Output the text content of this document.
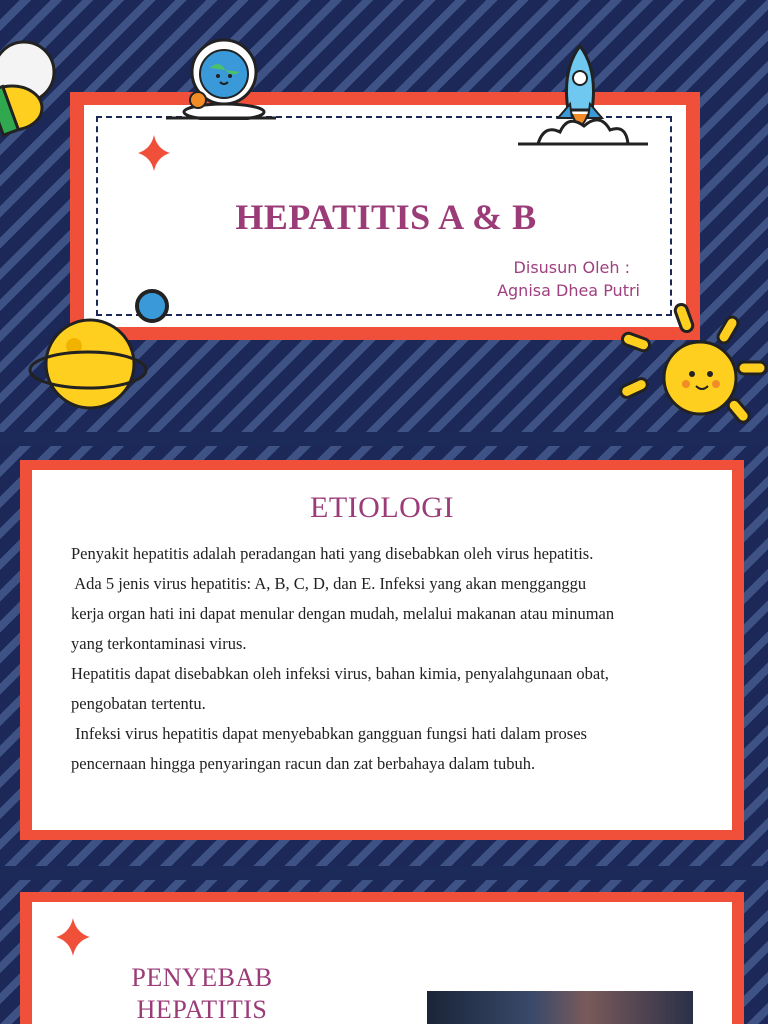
HEPATITIS A & B
Disusun Oleh :
Agnisa Dhea Putri
ETIOLOGI

Penyakit hepatitis adalah peradangan hati yang disebabkan oleh virus hepatitis.

Ada 5 jenis virus hepatitis: A, B, C, D, dan E. Infeksi yang akan mengganggu

kerja organ hati ini dapat menular dengan mudah, melalui makanan atau minuman

yang terkontaminasi virus.

Hepatitis dapat disebabkan oleh infeksi virus, bahan kimia, penyalahgunaan obat,

pengobatan tertentu.

Infeksi virus hepatitis dapat menyebabkan gangguan fungsi hati dalam proses

pencernaan hingga penyaringan racun dan zat berbahaya dalam tubuh.

PENYEBAB
HEPATITIS
